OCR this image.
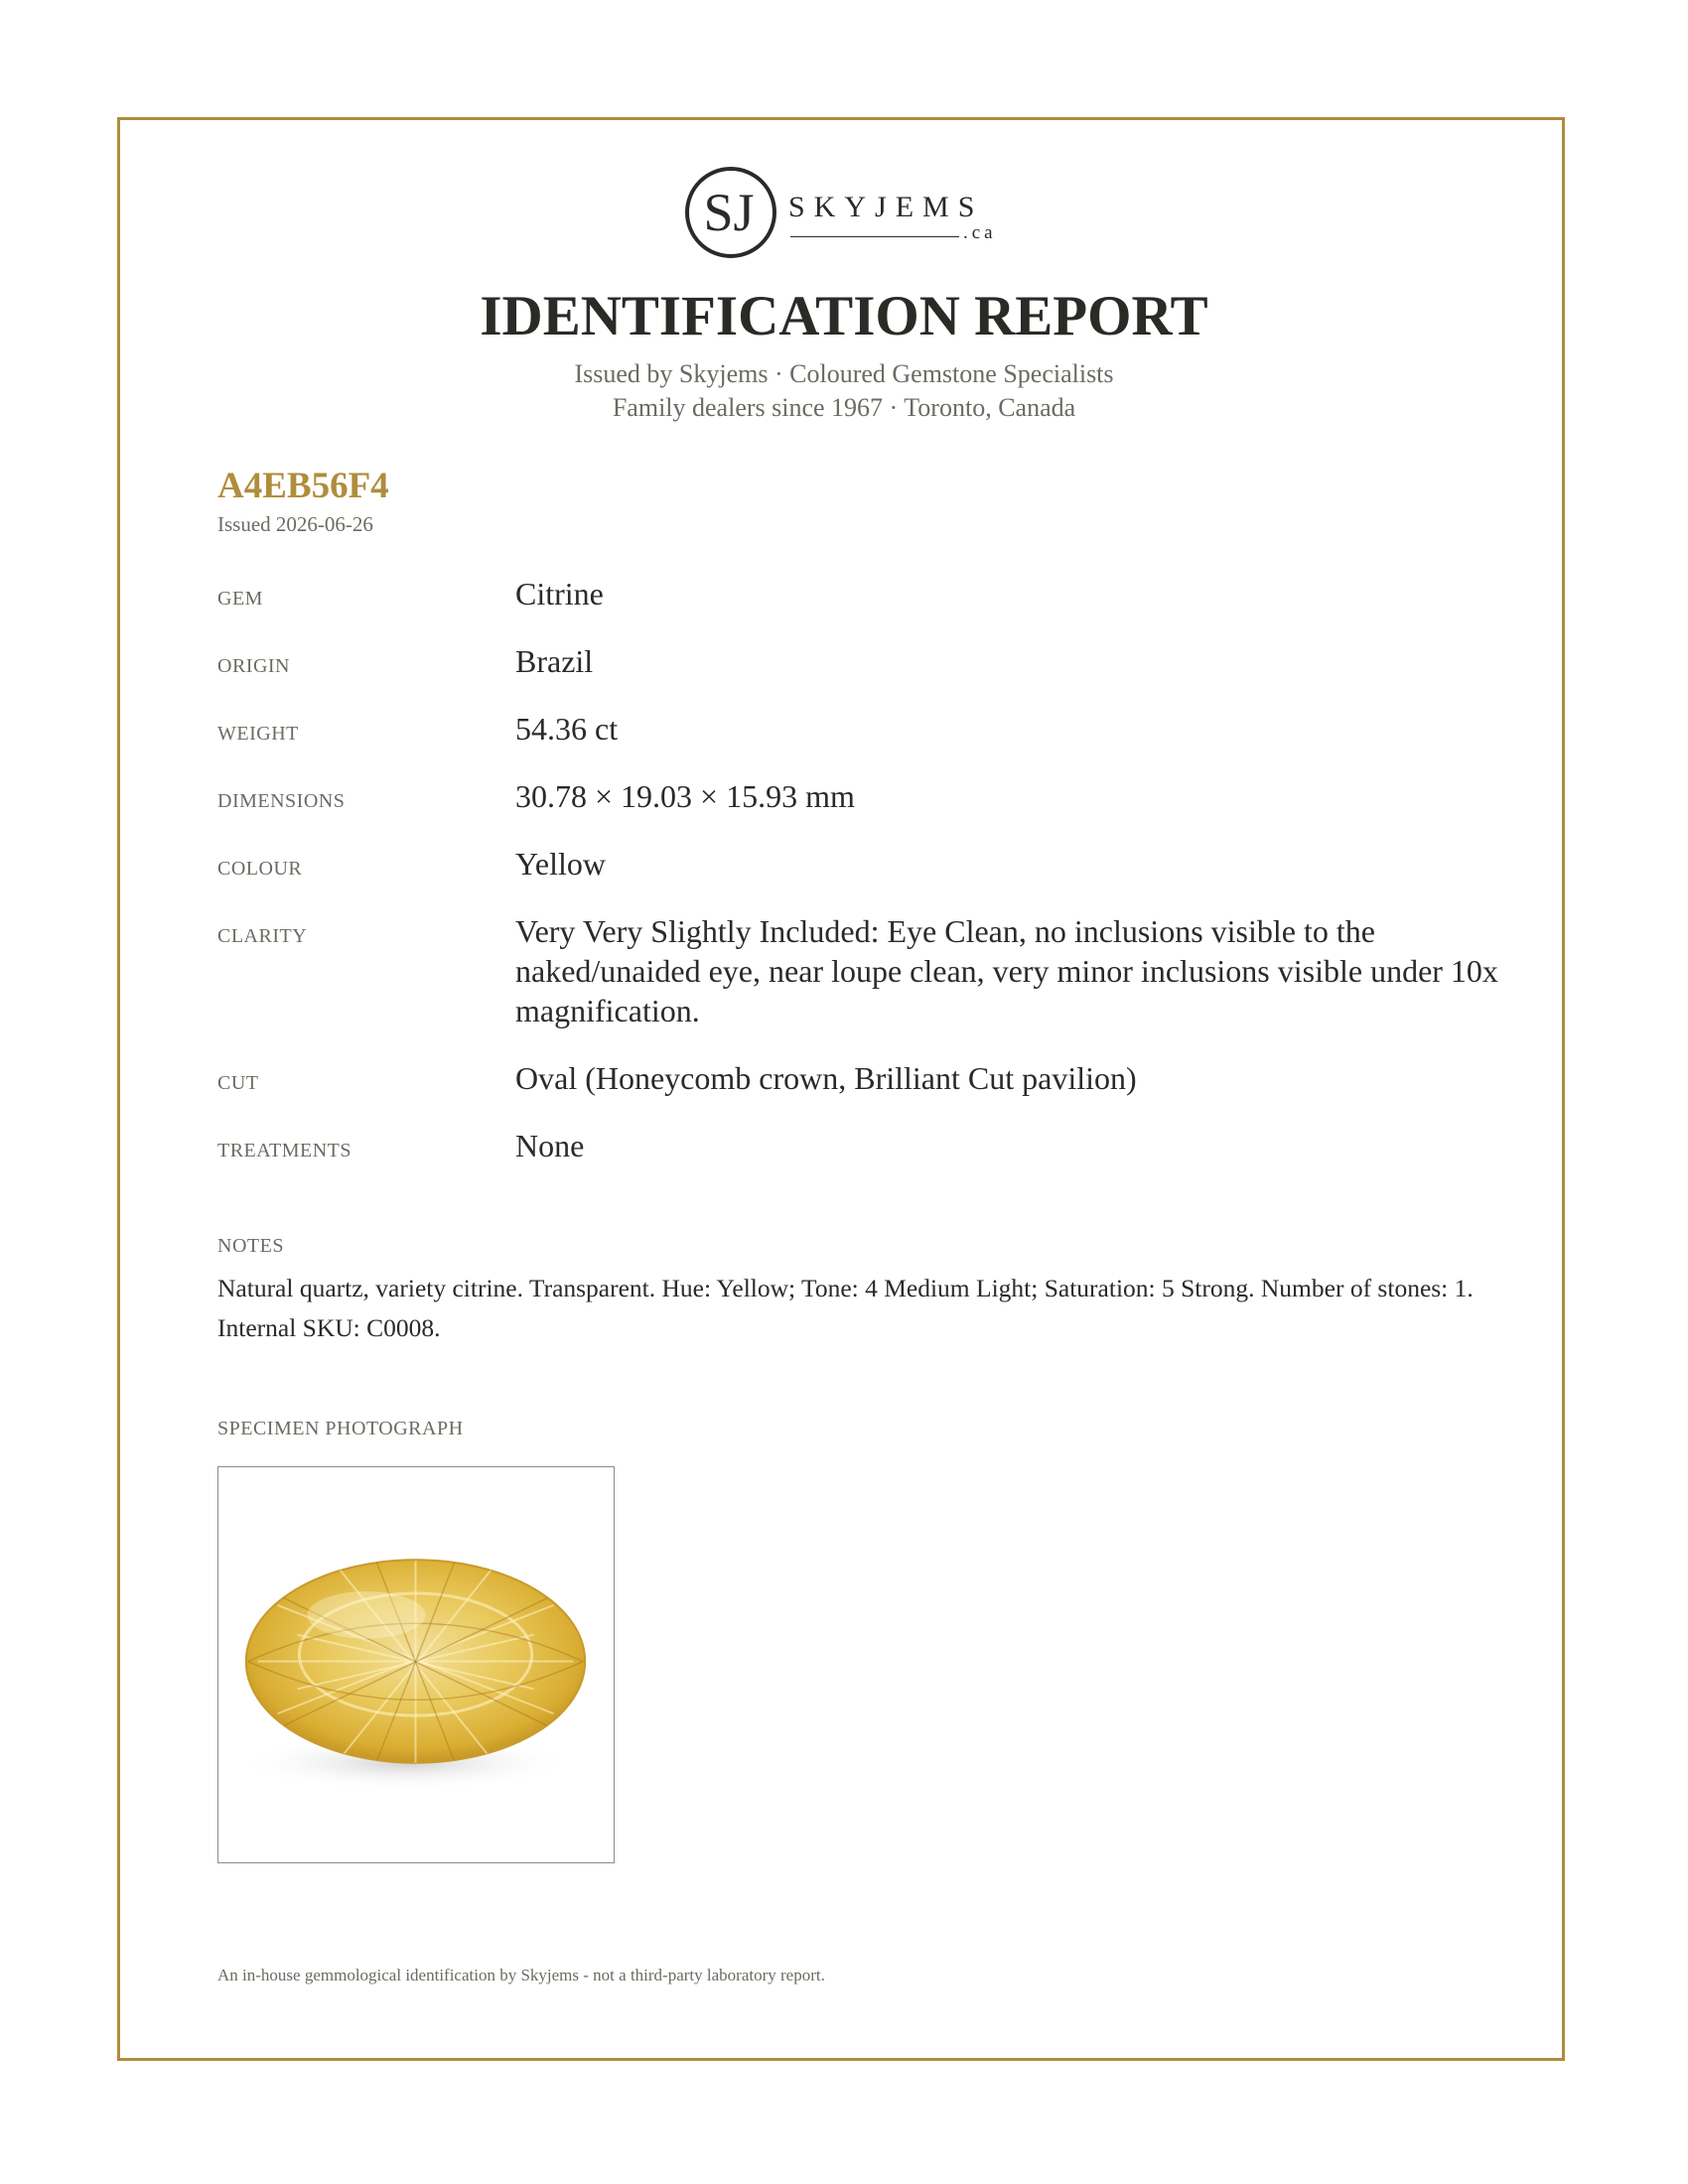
SJ SKYJEMS
.ca
IDENTIFICATION REPORT
Issued by Skyjems · Coloured Gemstone Specialists
Family dealers since 1967 · Toronto, Canada
A4EB56F4
Issued 2026-06-26
GEM	Citrine
ORIGIN	Brazil
WEIGHT	54.36 ct
DIMENSIONS	30.78 × 19.03 × 15.93 mm
COLOUR	Yellow
CLARITY	Very Very Slightly Included: Eye Clean, no inclusions visible to the naked/unaided eye, near loupe clean, very minor inclusions visible under 10x magnification.
CUT	Oval (Honeycomb crown, Brilliant Cut pavilion)
TREATMENTS	None
NOTES
Natural quartz, variety citrine. Transparent. Hue: Yellow; Tone: 4 Medium Light; Saturation: 5 Strong. Number of stones: 1. Internal SKU: C0008.
SPECIMEN PHOTOGRAPH
An in-house gemmological identification by Skyjems - not a third-party laboratory report.
